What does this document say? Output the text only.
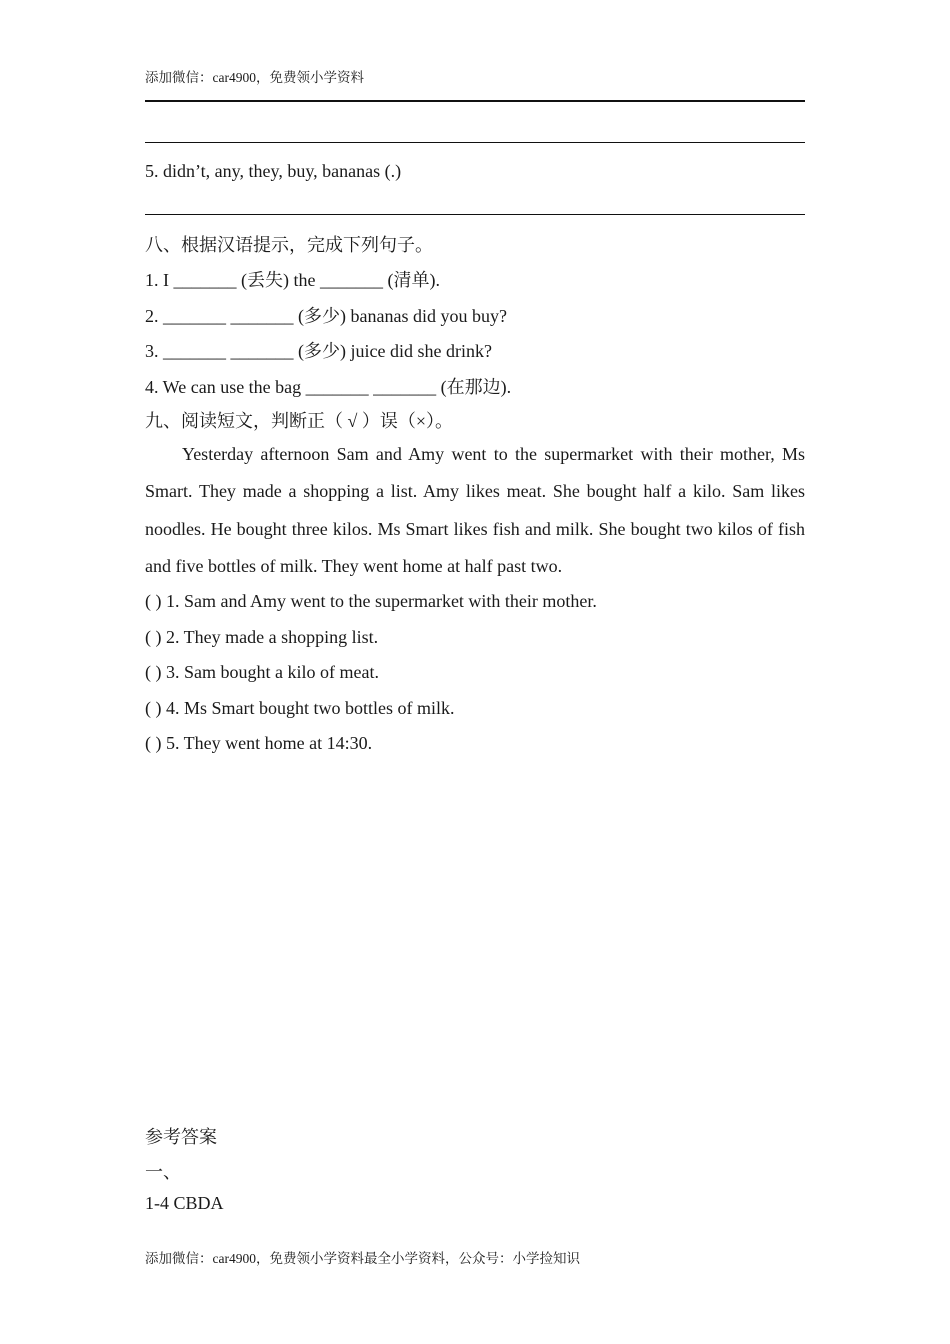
添加微信：car4900，免费领小学资料
5. didn’t, any, they, buy, bananas (.)
八、根据汉语提示，完成下列句子。
1. I _______ (丢失) the _______ (清单).
2. _______ _______ (多少) bananas did you buy?
3. _______ _______ (多少) juice did she drink?
4. We can use the bag _______ _______ (在那边).
九、阅读短文，判断正（ √ ）误（×）。
Yesterday afternoon Sam and Amy went to the supermarket with their mother, Ms Smart. They made a shopping a list. Amy likes meat. She bought half a kilo. Sam likes noodles. He bought three kilos. Ms Smart likes fish and milk. She bought two kilos of fish and five bottles of milk. They went home at half past two.
( ) 1. Sam and Amy went to the supermarket with their mother.
( ) 2. They made a shopping list.
( ) 3. Sam bought a kilo of meat.
( ) 4. Ms Smart bought two bottles of milk.
( ) 5. They went home at 14:30.
参考答案
一、
1-4 CBDA
添加微信：car4900，免费领小学资料最全小学资料，公众号：小学捡知识
